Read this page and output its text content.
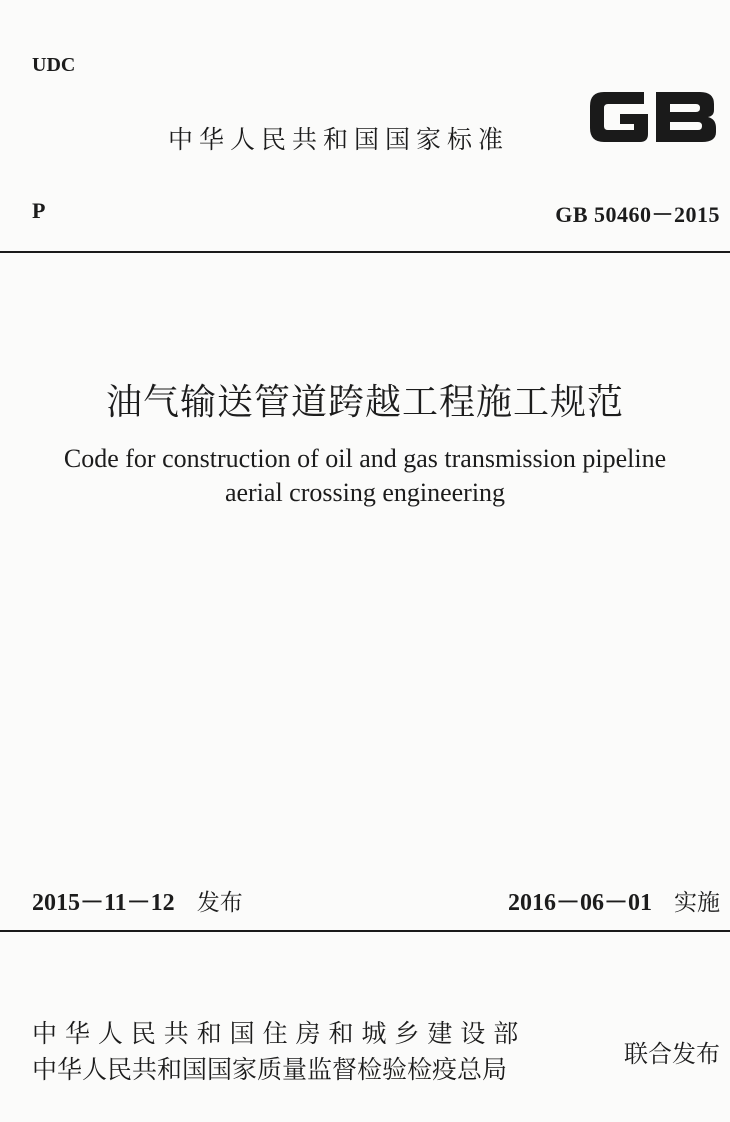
UDC
中华人民共和国国家标准
P	GB 50460－2015
油气输送管道跨越工程施工规范
Code for construction of oil and gas transmission pipeline
aerial crossing engineering
2015－11－12 发布	2016－06－01 实施
中 华 人 民 共 和 国 住 房 和 城 乡 建 设 部
中华人民共和国国家质量监督检验检疫总局
联合发布
